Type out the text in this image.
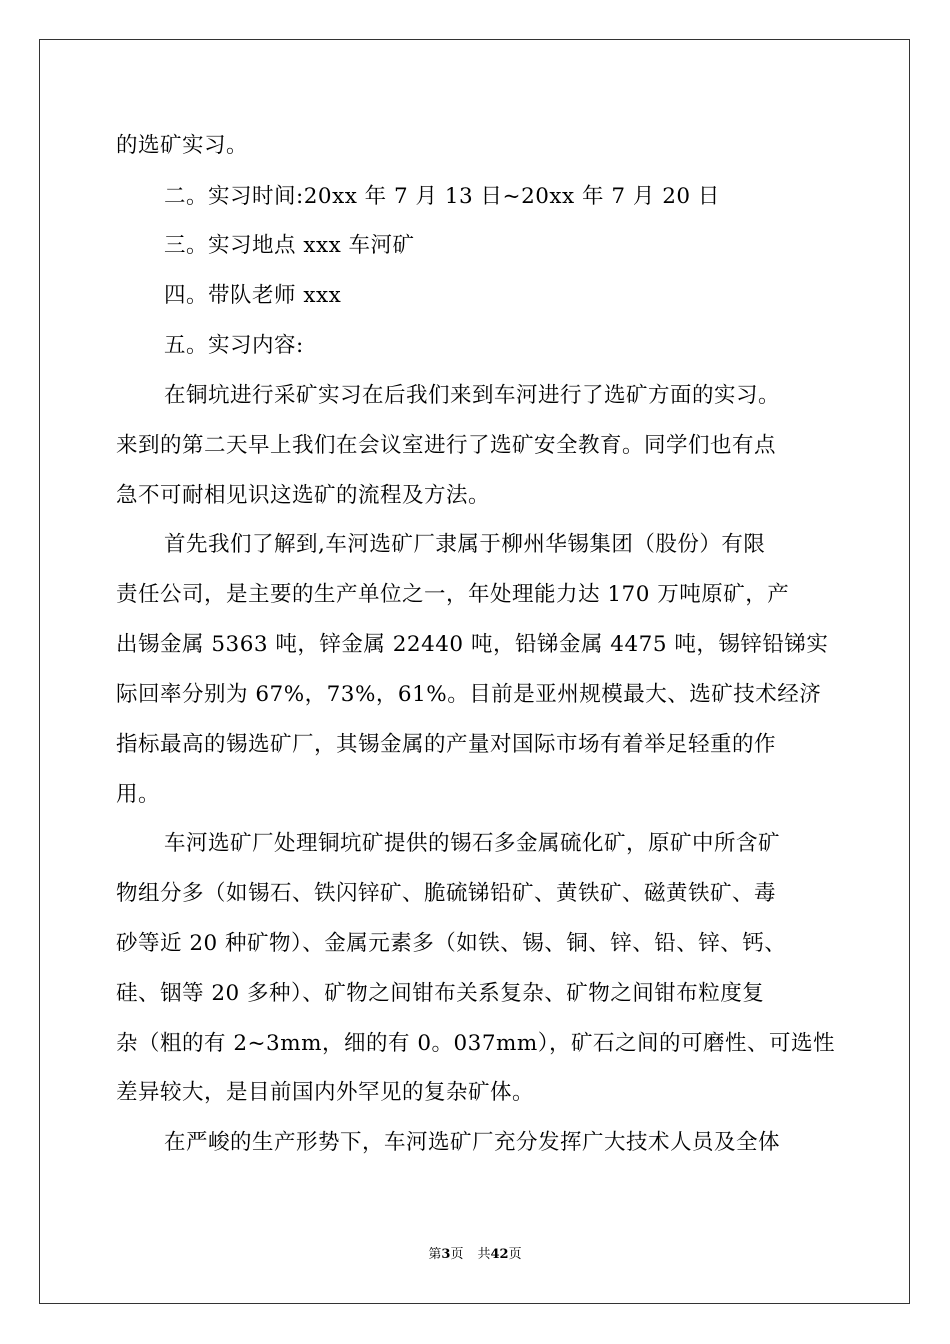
的选矿实习。
二。实习时间:20xx 年 7 月 13 日~20xx 年 7 月 20 日
三。实习地点 xxx 车河矿
四。带队老师 xxx
五。实习内容:
在铜坑进行采矿实习在后我们来到车河进行了选矿方面的实习。
来到的第二天早上我们在会议室进行了选矿安全教育。同学们也有点
急不可耐相见识这选矿的流程及方法。
首先我们了解到,车河选矿厂隶属于柳州华锡集团（股份）有限
责任公司，是主要的生产单位之一，年处理能力达 170 万吨原矿，产
出锡金属 5363 吨，锌金属 22440 吨，铅锑金属 4475 吨，锡锌铅锑实
际回率分别为 67%，73%，61%。目前是亚州规模最大、选矿技术经济
指标最高的锡选矿厂，其锡金属的产量对国际市场有着举足轻重的作
用。
车河选矿厂处理铜坑矿提供的锡石多金属硫化矿，原矿中所含矿
物组分多（如锡石、铁闪锌矿、脆硫锑铅矿、黄铁矿、磁黄铁矿、毒
砂等近 20 种矿物）、金属元素多（如铁、锡、铜、锌、铅、锌、钙、
硅、铟等 20 多种）、矿物之间钳布关系复杂、矿物之间钳布粒度复
杂（粗的有 2~3mm，细的有 0。037mm），矿石之间的可磨性、可选性
差异较大，是目前国内外罕见的复杂矿体。
在严峻的生产形势下，车河选矿厂充分发挥广大技术人员及全体
第3页 共42页
